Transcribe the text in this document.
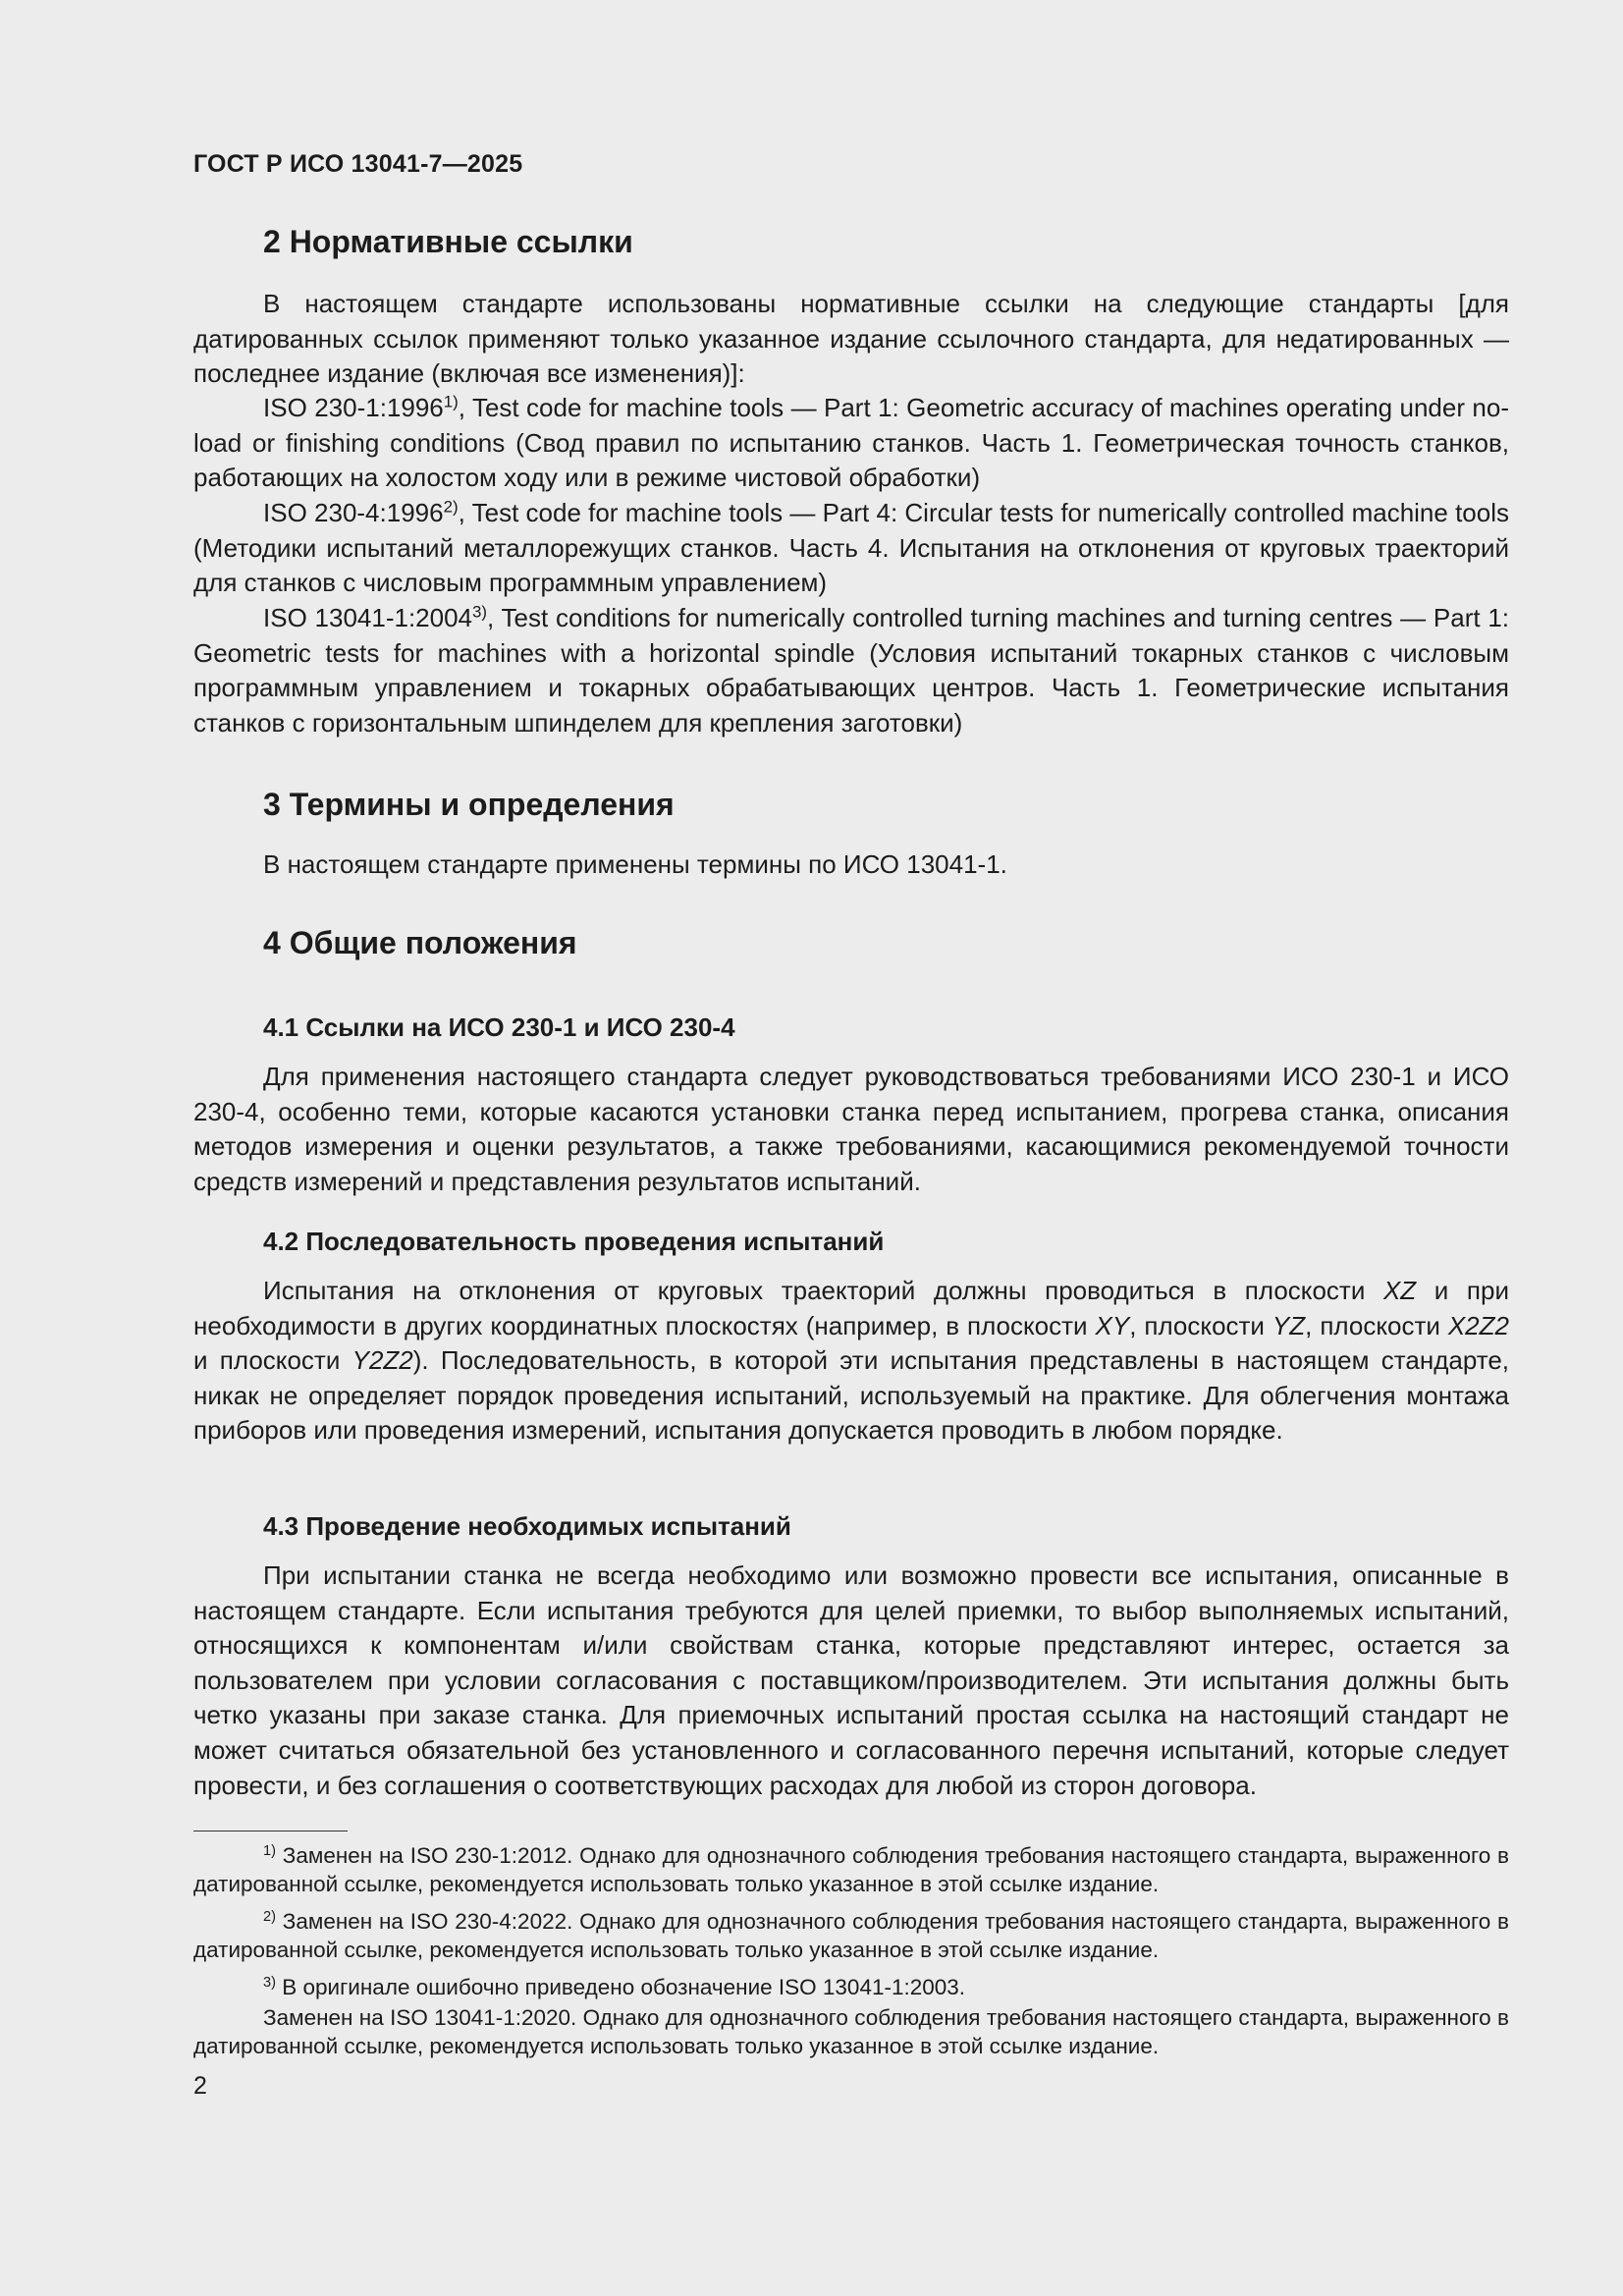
ГОСТ Р ИСО 13041-7—2025
2 Нормативные ссылки

В настоящем стандарте использованы нормативные ссылки на следующие стандарты [для датированных ссылок применяют только указанное издание ссылочного стандарта, для недатированных — последнее издание (включая все изменения)]:

ISO 230-1:1996$^{1)}$, Test code for machine tools — Part 1: Geometric accuracy of machines operating under no-load or finishing conditions (Свод правил по испытанию станков. Часть 1. Геометрическая точность станков, работающих на холостом ходу или в режиме чистовой обработки)

ISO 230-4:1996$^{2)}$, Test code for machine tools — Part 4: Circular tests for numerically controlled machine tools (Методики испытаний металлорежущих станков. Часть 4. Испытания на отклонения от круговых траекторий для станков с числовым программным управлением)

ISO 13041-1:2004$^{3)}$, Test conditions for numerically controlled turning machines and turning centres — Part 1: Geometric tests for machines with a horizontal spindle (Условия испытаний токарных станков с числовым программным управлением и токарных обрабатывающих центров. Часть 1. Геометрические испытания станков с горизонтальным шпинделем для крепления заготовки)

3 Термины и определения

В настоящем стандарте применены термины по ИСО 13041-1.

4 Общие положения
4.1 Ссылки на ИСО 230-1 и ИСО 230-4

Для применения настоящего стандарта следует руководствоваться требованиями ИСО 230-1 и ИСО 230-4, особенно теми, которые касаются установки станка перед испытанием, прогрева станка, описания методов измерения и оценки результатов, а также требованиями, касающимися рекомендуемой точности средств измерений и представления результатов испытаний.

4.2 Последовательность проведения испытаний

Испытания на отклонения от круговых траекторий должны проводиться в плоскости XZ и при необходимости в других координатных плоскостях (например, в плоскости XY, плоскости YZ, плоскости X2Z2 и плоскости Y2Z2). Последовательность, в которой эти испытания представлены в настоящем стандарте, никак не определяет порядок проведения испытаний, используемый на практике. Для облегчения монтажа приборов или проведения измерений, испытания допускается проводить в любом порядке.

4.3 Проведение необходимых испытаний

При испытании станка не всегда необходимо или возможно провести все испытания, описанные в настоящем стандарте. Если испытания требуются для целей приемки, то выбор выполняемых испытаний, относящихся к компонентам и/или свойствам станка, которые представляют интерес, остается за пользователем при условии согласования с поставщиком/производителем. Эти испытания должны быть четко указаны при заказе станка. Для приемочных испытаний простая ссылка на настоящий стандарт не может считаться обязательной без установленного и согласованного перечня испытаний, которые следует провести, и без соглашения о соответствующих расходах для любой из сторон договора.

$^{1)}$ Заменен на ISO 230-1:2012. Однако для однозначного соблюдения требования настоящего стандарта, выраженного в датированной ссылке, рекомендуется использовать только указанное в этой ссылке издание.

$^{2)}$ Заменен на ISO 230-4:2022. Однако для однозначного соблюдения требования настоящего стандарта, выраженного в датированной ссылке, рекомендуется использовать только указанное в этой ссылке издание.

$^{3)}$ В оригинале ошибочно приведено обозначение ISO 13041-1:2003.

Заменен на ISO 13041-1:2020. Однако для однозначного соблюдения требования настоящего стандарта, выраженного в датированной ссылке, рекомендуется использовать только указанное в этой ссылке издание.

2
